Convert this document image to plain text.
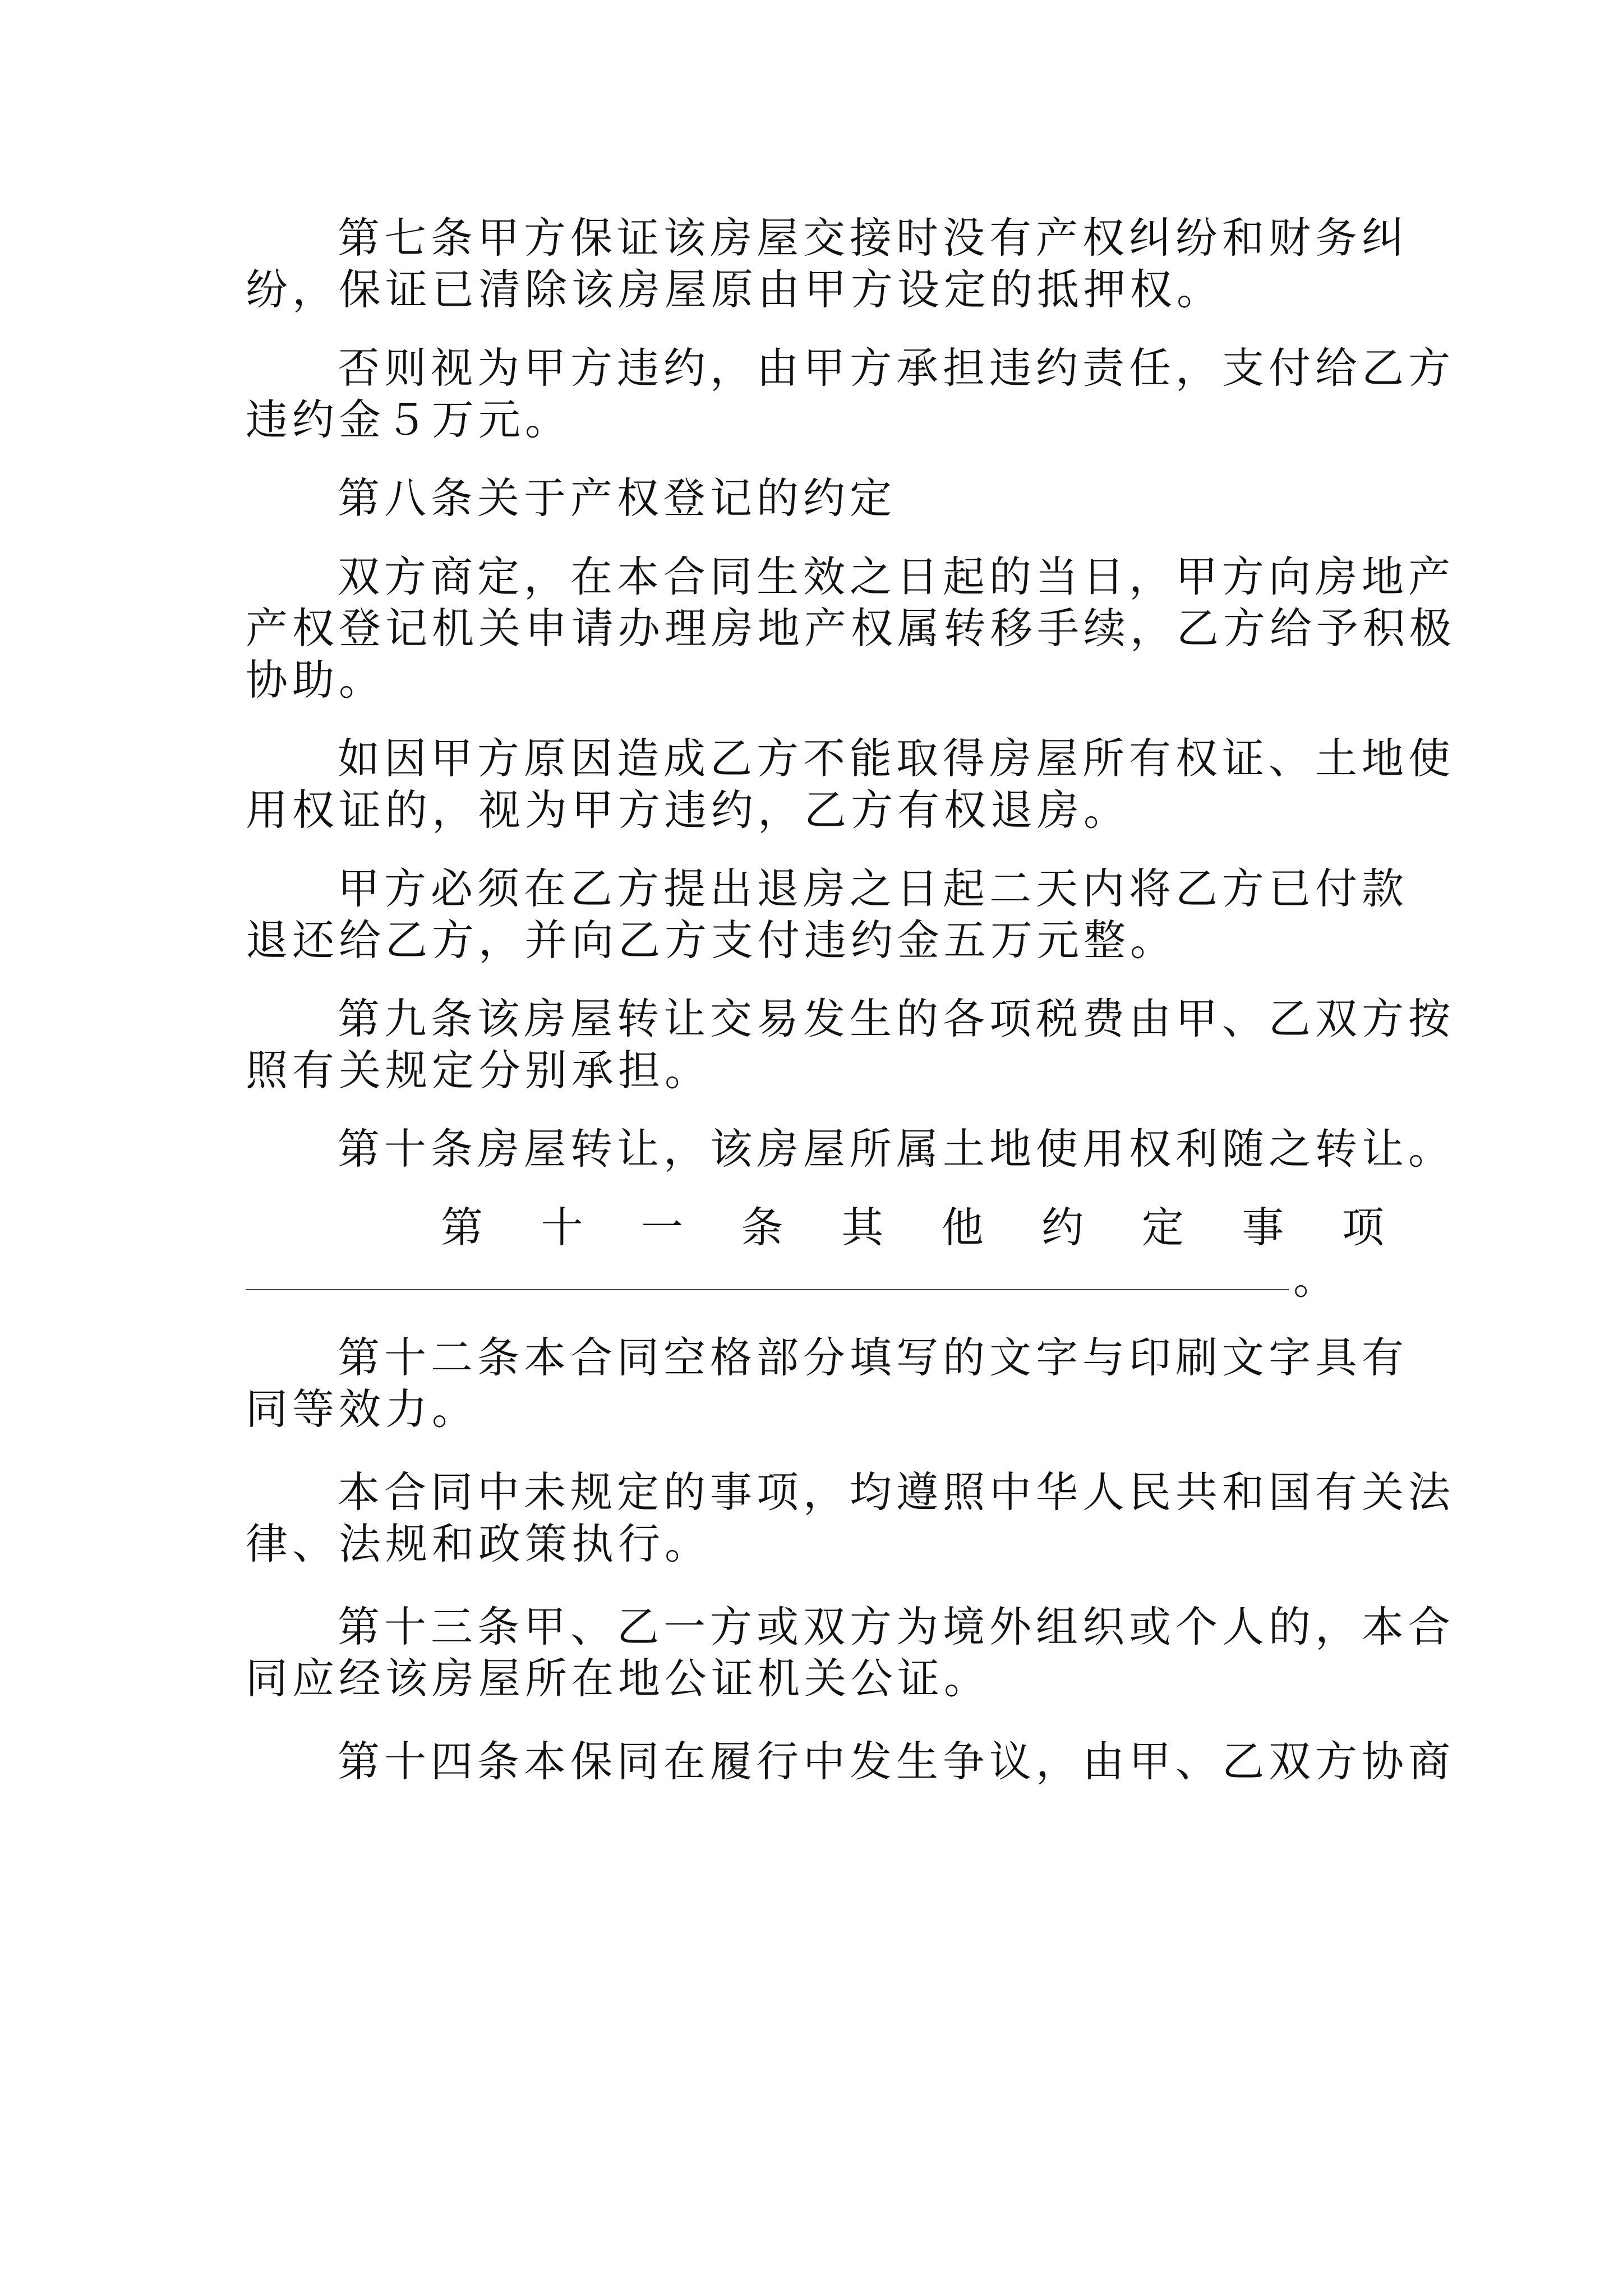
第七条甲方保证该房屋交接时没有产权纠纷和财务纠
纷，保证已清除该房屋原由甲方设定的抵押权。
否则视为甲方违约，由甲方承担违约责任，支付给乙方
违约金５万元。
第八条关于产权登记的约定
双方商定，在本合同生效之日起的当日，甲方向房地产
产权登记机关申请办理房地产权属转移手续，乙方给予积极
协助。
如因甲方原因造成乙方不能取得房屋所有权证、土地使
用权证的，视为甲方违约，乙方有权退房。
甲方必须在乙方提出退房之日起二天内将乙方已付款
退还给乙方，并向乙方支付违约金五万元整。
第九条该房屋转让交易发生的各项税费由甲、乙双方按
照有关规定分别承担。
第十条房屋转让，该房屋所属土地使用权利随之转让。
第 十 一 条 其 他 约 定 事 项
。
第十二条本合同空格部分填写的文字与印刷文字具有
同等效力。
本合同中未规定的事项，均遵照中华人民共和国有关法
律、法规和政策执行。
第十三条甲、乙一方或双方为境外组织或个人的，本合
同应经该房屋所在地公证机关公证。
第十四条本保同在履行中发生争议，由甲、乙双方协商
